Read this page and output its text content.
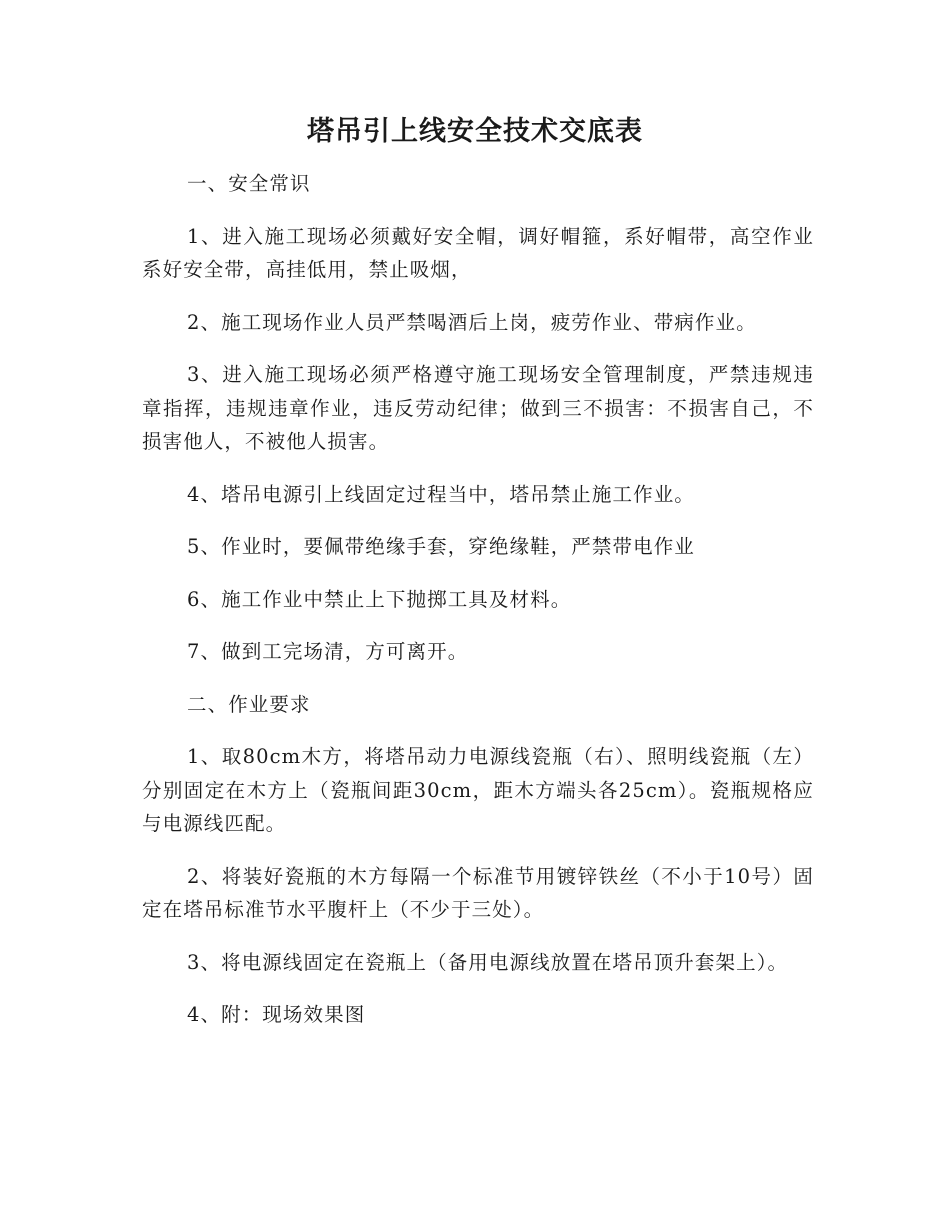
塔吊引上线安全技术交底表

一、安全常识

1、进入施工现场必须戴好安全帽，调好帽箍，系好帽带，高空作业系好安全带，高挂低用，禁止吸烟，

2、施工现场作业人员严禁喝酒后上岗，疲劳作业、带病作业。

3、进入施工现场必须严格遵守施工现场安全管理制度，严禁违规违章指挥，违规违章作业，违反劳动纪律；做到三不损害：不损害自己，不损害他人，不被他人损害。

4、塔吊电源引上线固定过程当中，塔吊禁止施工作业。

5、作业时，要佩带绝缘手套，穿绝缘鞋，严禁带电作业

6、施工作业中禁止上下抛掷工具及材料。

7、做到工完场清，方可离开。

二、作业要求

1、取80cm木方，将塔吊动力电源线瓷瓶（右）、照明线瓷瓶（左）分别固定在木方上（瓷瓶间距30cm，距木方端头各25cm）。瓷瓶规格应与电源线匹配。

2、将装好瓷瓶的木方每隔一个标准节用镀锌铁丝（不小于10号）固定在塔吊标准节水平腹杆上（不少于三处）。

3、将电源线固定在瓷瓶上（备用电源线放置在塔吊顶升套架上）。

4、附：现场效果图
